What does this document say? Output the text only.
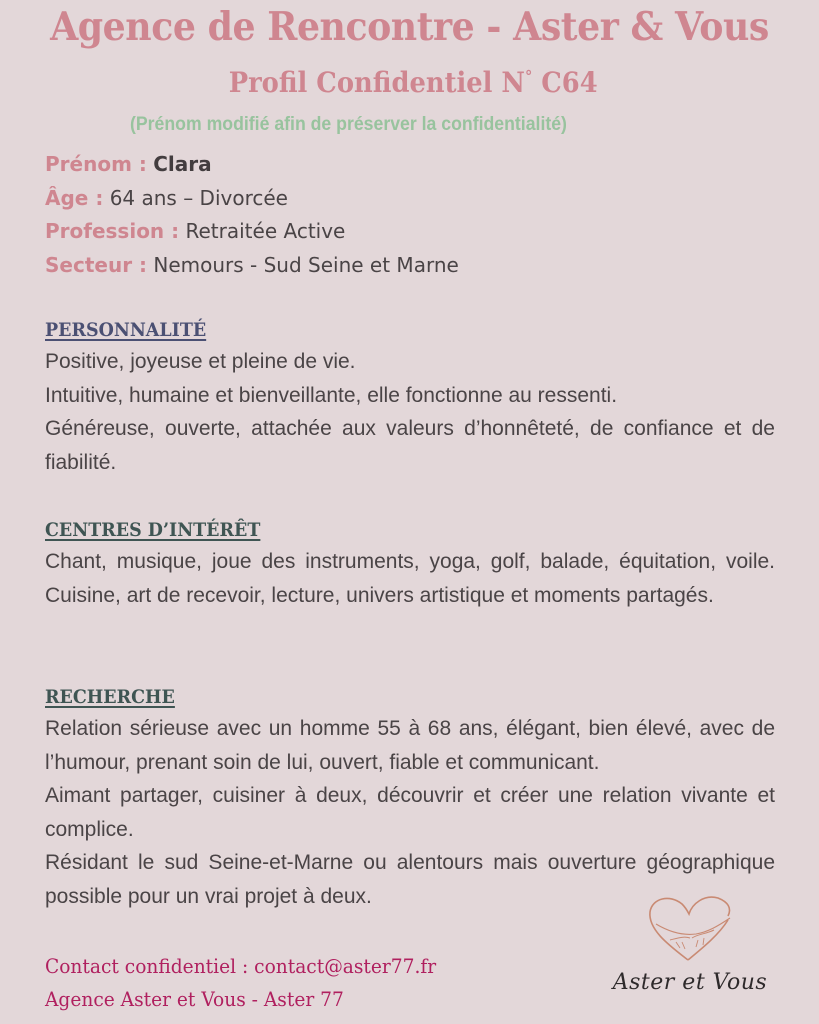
Agence de Rencontre - Aster & Vous
Profil Confidentiel N° C64
(Prénom modifié afin de préserver la confidentialité)
Prénom : Clara
Âge : 64 ans – Divorcée
Profession : Retraitée Active
Secteur : Nemours - Sud Seine et Marne
PERSONNALITÉ

Positive, joyeuse et pleine de vie.

Intuitive, humaine et bienveillante, elle fonctionne au ressenti.

Généreuse, ouverte, attachée aux valeurs d’honnêteté, de confiance et de fiabilité.

CENTRES D’INTÉRÊT

Chant, musique, joue des instruments, yoga, golf, balade, équitation, voile. Cuisine, art de recevoir, lecture, univers artistique et moments partagés.

RECHERCHE

Relation sérieuse avec un homme 55 à 68 ans, élégant, bien élevé, avec de l’humour, prenant soin de lui, ouvert, fiable et communicant.

Aimant partager, cuisiner à deux, découvrir et créer une relation vivante et complice.

Résidant le sud Seine-et-Marne ou alentours mais ouverture géographique possible pour un vrai projet à deux.

Contact confidentiel : contact@aster77.fr
Agence Aster et Vous - Aster 77
Aster et Vous
